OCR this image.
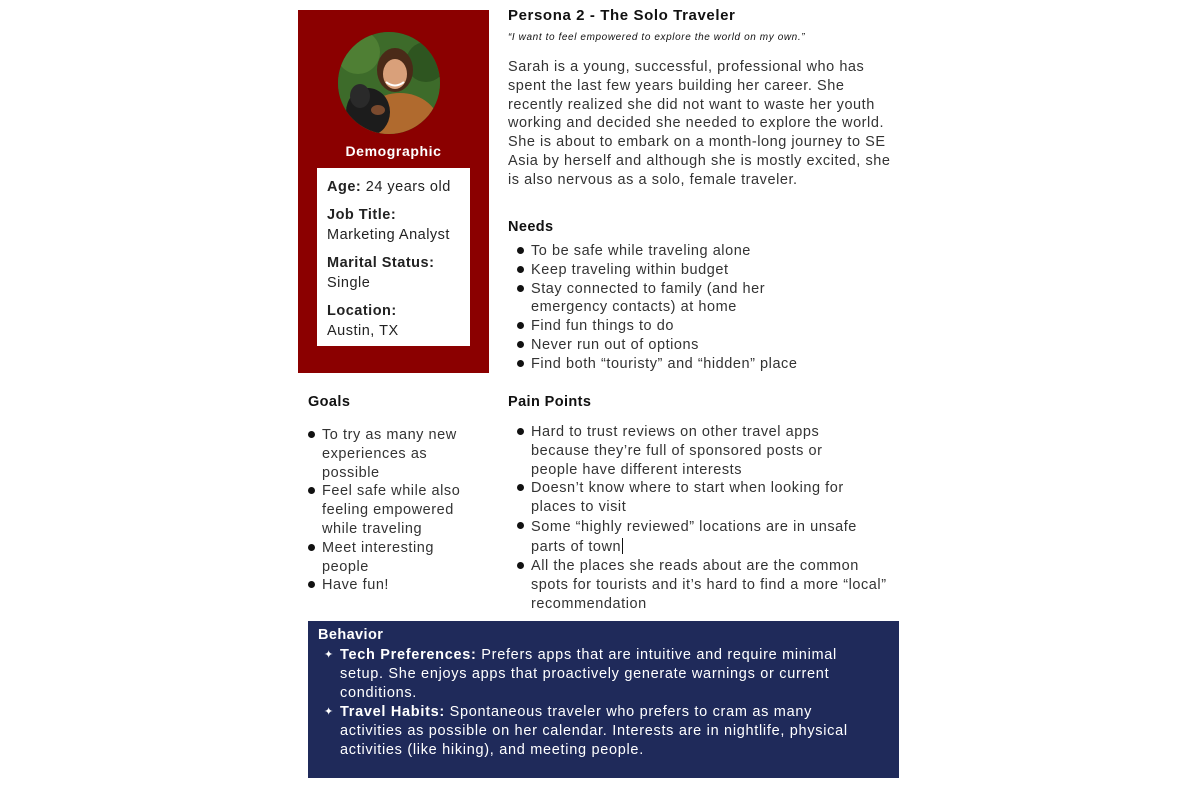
Demographic
Age: 24 years old
Job Title:
Marketing Analyst
Marital Status:
Single
Location:
Austin, TX
Persona 2 - The Solo Traveler
“I want to feel empowered to explore the world on my own.”
Sarah is a young, successful, professional who has spent the last few years building her career. She recently realized she did not want to waste her youth working and decided she needed to explore the world. She is about to embark on a month-long journey to SE Asia by herself and although she is mostly excited, she is also nervous as a solo, female traveler.
Needs
To be safe while traveling alone
Keep traveling within budget
Stay connected to family (and her emergency contacts) at home
Find fun things to do
Never run out of options
Find both “touristy” and “hidden” place
Goals
To try as many new experiences as possible
Feel safe while also feeling empowered while traveling
Meet interesting people
Have fun!
Pain Points
Hard to trust reviews on other travel apps because they’re full of sponsored posts or people have different interests
Doesn’t know where to start when looking for places to visit
Some “highly reviewed” locations are in unsafe parts of town
All the places she reads about are the common spots for tourists and it’s hard to find a more “local” recommendation
Behavior
✦ Tech Preferences: Prefers apps that are intuitive and require minimal setup. She enjoys apps that proactively generate warnings or current conditions.
✦ Travel Habits: Spontaneous traveler who prefers to cram as many activities as possible on her calendar. Interests are in nightlife, physical activities (like hiking), and meeting people.
